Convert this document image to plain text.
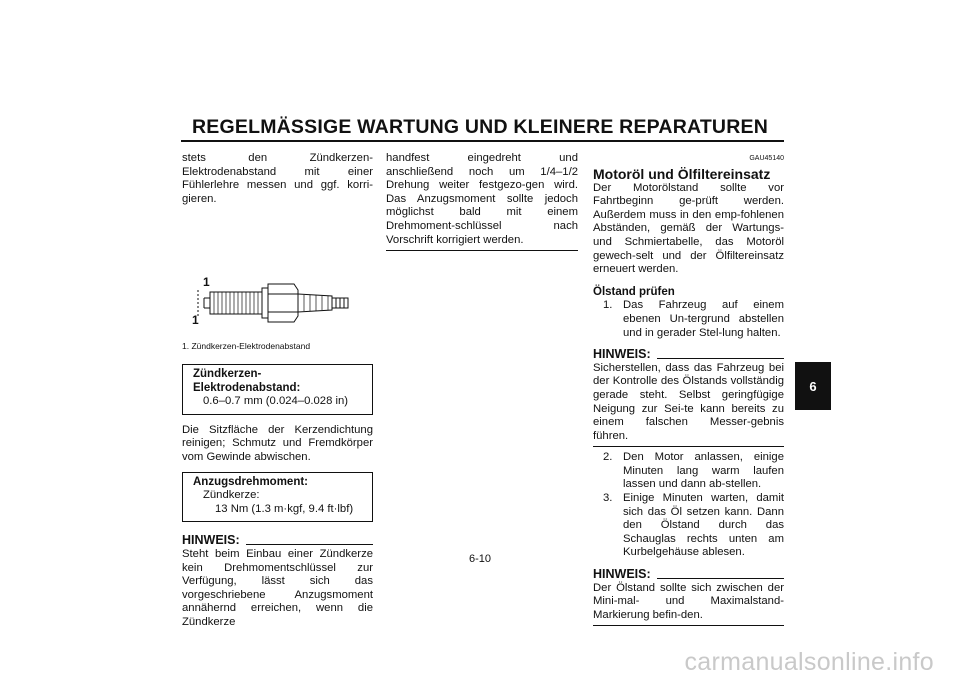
REGELMÄSSIGE WARTUNG UND KLEINERE REPARATUREN

stets den Zündkerzen-Elektrodenabstand mit einer Fühlerlehre messen und ggf. korri-gieren.

1
1

1. Zündkerzen-Elektrodenabstand

Zündkerzen-Elektrodenabstand:
0.6–0.7 mm (0.024–0.028 in)

Die Sitzfläche der Kerzendichtung reinigen; Schmutz und Fremdkörper vom Gewinde abwischen.

Anzugsdrehmoment:
Zündkerze:
13 Nm (1.3 m·kgf, 9.4 ft·lbf)
HINWEIS:

Steht beim Einbau einer Zündkerze kein Drehmomentschlüssel zur Verfügung, lässt sich das vorgeschriebene Anzugsmoment annähernd erreichen, wenn die Zündkerze

handfest eingedreht und anschließend noch um 1/4–1/2 Drehung weiter festgezo-gen wird. Das Anzugsmoment sollte jedoch möglichst bald mit einem Drehmoment-schlüssel nach Vorschrift korrigiert werden.

GAU45140
Motoröl und Ölfiltereinsatz

Der Motorölstand sollte vor Fahrtbeginn ge-prüft werden. Außerdem muss in den emp-fohlenen Abständen, gemäß der Wartungs- und Schmiertabelle, das Motoröl gewech-selt und der Ölfiltereinsatz erneuert werden.

Ölstand prüfen
1. Das Fahrzeug auf einem ebenen Un-tergrund abstellen und in gerader Stel-lung halten.
HINWEIS:

Sicherstellen, dass das Fahrzeug bei der Kontrolle des Ölstands vollständig gerade steht. Selbst geringfügige Neigung zur Sei-te kann bereits zu einem falschen Messer-gebnis führen.

2. Den Motor anlassen, einige Minuten lang warm laufen lassen und dann ab-stellen.
3. Einige Minuten warten, damit sich das Öl setzen kann. Dann den Ölstand durch das Schauglas rechts unten am Kurbelgehäuse ablesen.
HINWEIS:

Der Ölstand sollte sich zwischen der Mini-mal- und Maximalstand-Markierung befin-den.

6
6-10
carmanualsonline.info
